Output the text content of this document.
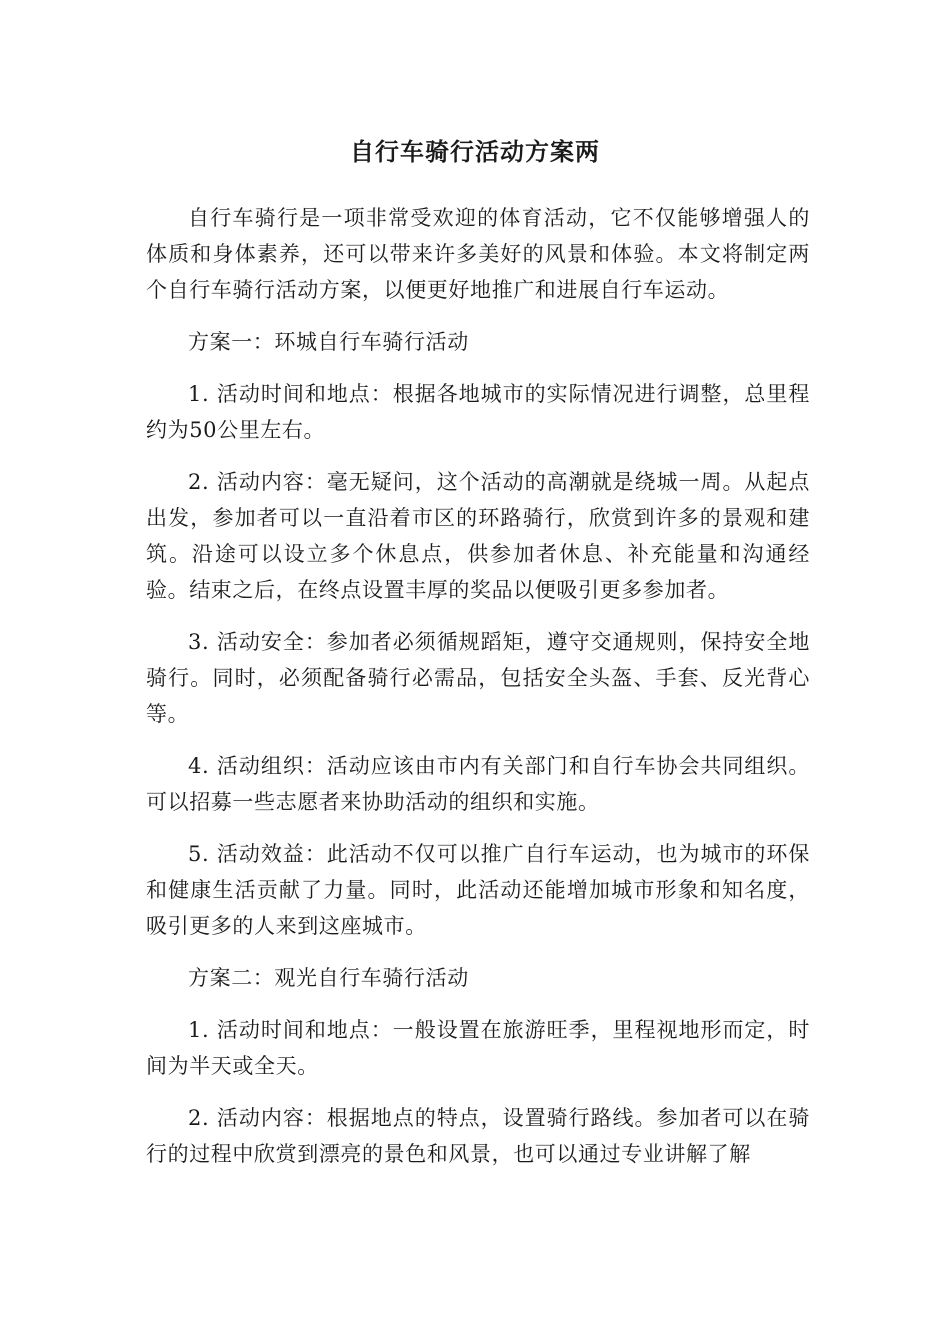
自行车骑行活动方案两

自行车骑行是一项非常受欢迎的体育活动，它不仅能够增强人的体质和身体素养，还可以带来许多美好的风景和体验。本文将制定两个自行车骑行活动方案，以便更好地推广和进展自行车运动。

方案一：环城自行车骑行活动

1. 活动时间和地点：根据各地城市的实际情况进行调整，总里程约为50公里左右。

2. 活动内容：毫无疑问，这个活动的高潮就是绕城一周。从起点出发，参加者可以一直沿着市区的环路骑行，欣赏到许多的景观和建筑。沿途可以设立多个休息点，供参加者休息、补充能量和沟通经验。结束之后，在终点设置丰厚的奖品以便吸引更多参加者。

3. 活动安全：参加者必须循规蹈矩，遵守交通规则，保持安全地骑行。同时，必须配备骑行必需品，包括安全头盔、手套、反光背心等。

4. 活动组织：活动应该由市内有关部门和自行车协会共同组织。可以招募一些志愿者来协助活动的组织和实施。

5. 活动效益：此活动不仅可以推广自行车运动，也为城市的环保和健康生活贡献了力量。同时，此活动还能增加城市形象和知名度，吸引更多的人来到这座城市。

方案二：观光自行车骑行活动

1. 活动时间和地点：一般设置在旅游旺季，里程视地形而定，时间为半天或全天。

2. 活动内容：根据地点的特点，设置骑行路线。参加者可以在骑行的过程中欣赏到漂亮的景色和风景，也可以通过专业讲解了解
